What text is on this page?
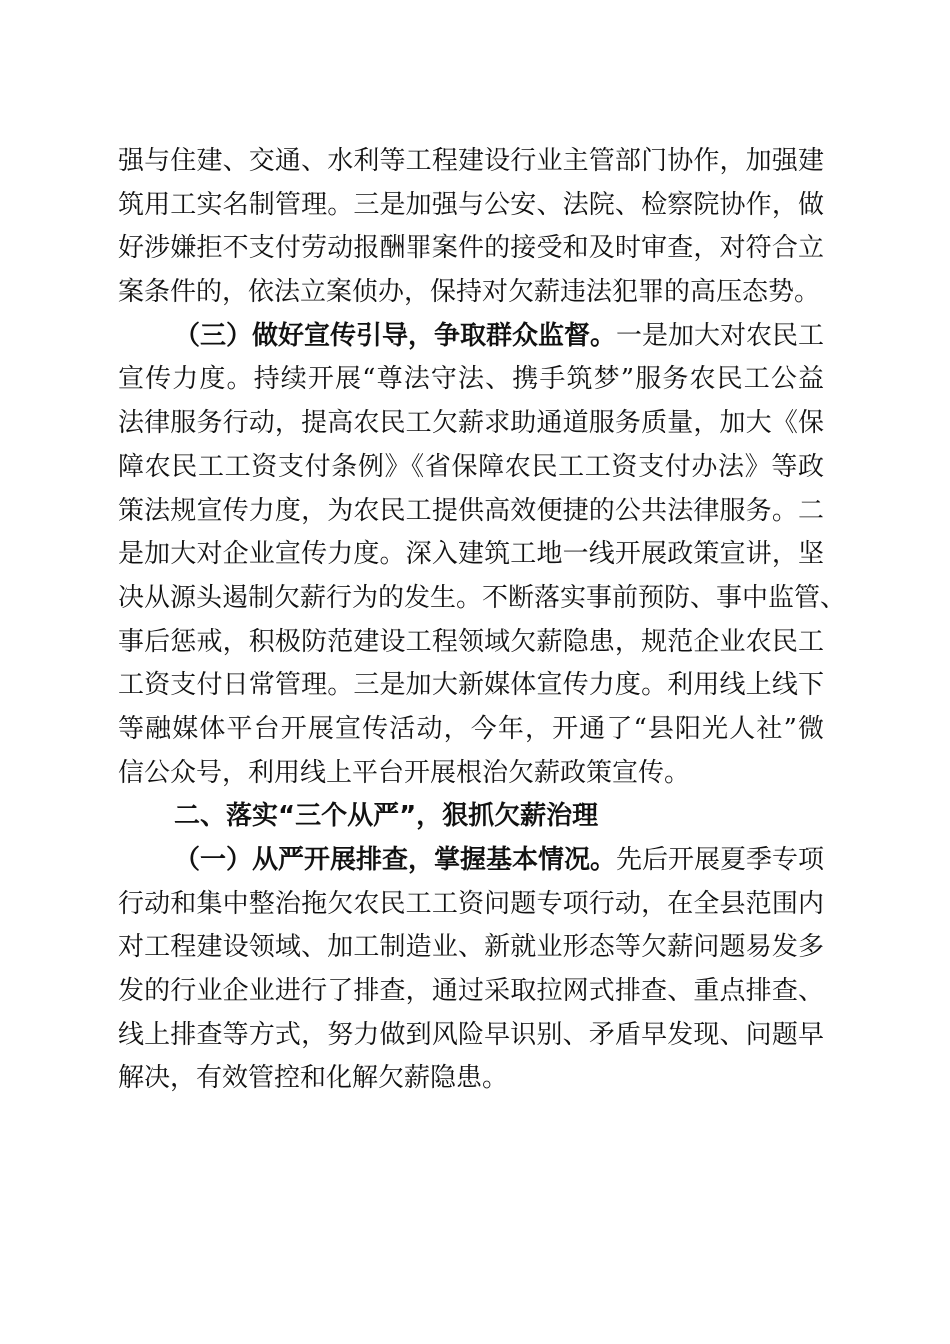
强与住建、交通、水利等工程建设行业主管部门协作，加强建
筑用工实名制管理。三是加强与公安、法院、检察院协作，做
好涉嫌拒不支付劳动报酬罪案件的接受和及时审查，对符合立
案条件的，依法立案侦办，保持对欠薪违法犯罪的高压态势。
（三）做好宣传引导，争取群众监督。一是加大对农民工
宣传力度。持续开展“尊法守法、携手筑梦”服务农民工公益
法律服务行动，提高农民工欠薪求助通道服务质量，加大《保
障农民工工资支付条例》《省保障农民工工资支付办法》等政
策法规宣传力度，为农民工提供高效便捷的公共法律服务。二
是加大对企业宣传力度。深入建筑工地一线开展政策宣讲，坚
决从源头遏制欠薪行为的发生。不断落实事前预防、事中监管、
事后惩戒，积极防范建设工程领域欠薪隐患，规范企业农民工
工资支付日常管理。三是加大新媒体宣传力度。利用线上线下
等融媒体平台开展宣传活动，今年，开通了“县阳光人社”微
信公众号，利用线上平台开展根治欠薪政策宣传。
二、落实“三个从严”，狠抓欠薪治理
（一）从严开展排查，掌握基本情况。先后开展夏季专项
行动和集中整治拖欠农民工工资问题专项行动，在全县范围内
对工程建设领域、加工制造业、新就业形态等欠薪问题易发多
发的行业企业进行了排查，通过采取拉网式排查、重点排查、
线上排查等方式，努力做到风险早识别、矛盾早发现、问题早
解决，有效管控和化解欠薪隐患。
